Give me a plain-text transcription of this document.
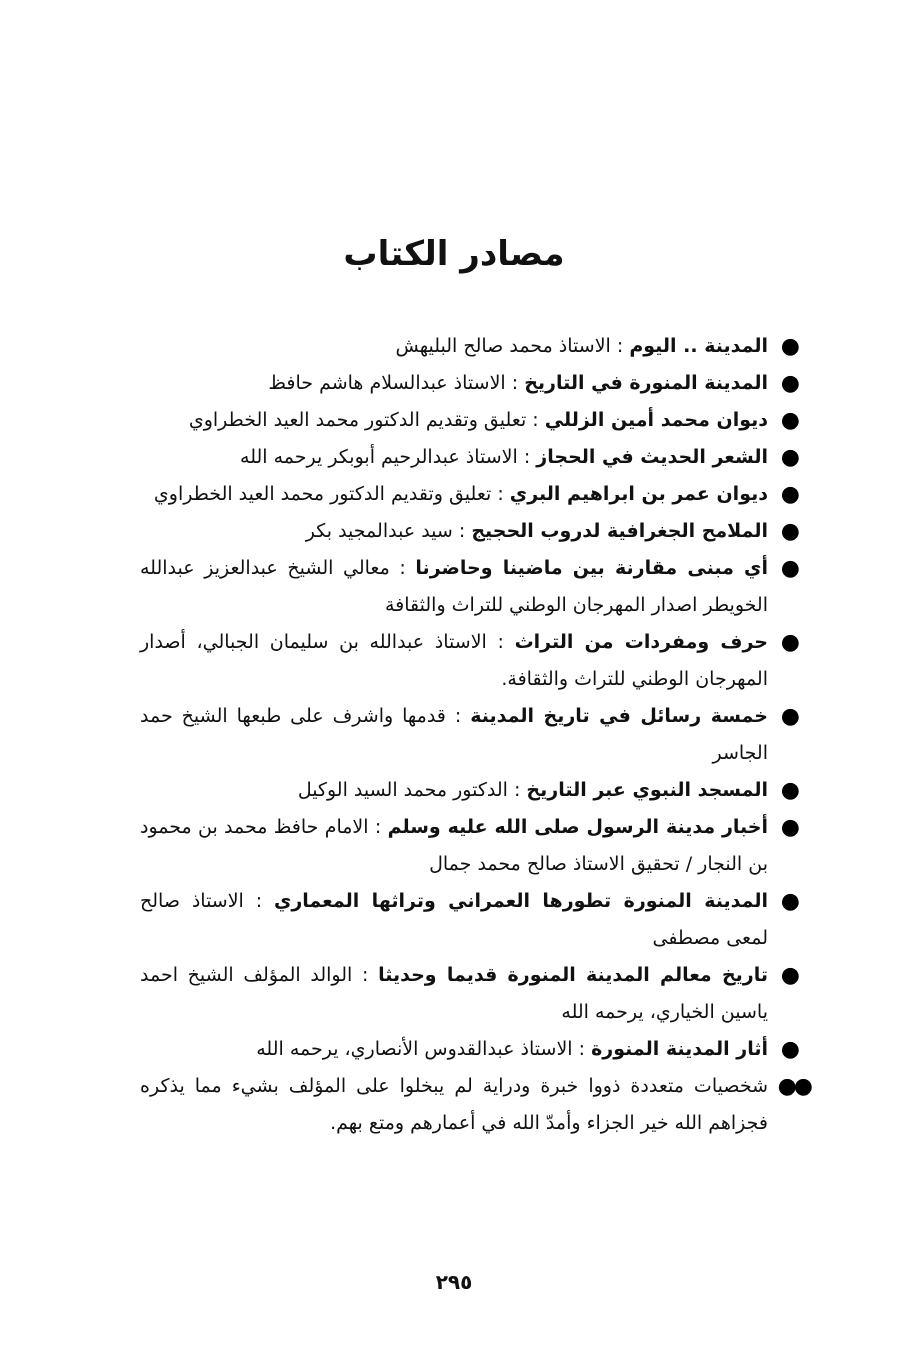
مصادر الكتاب
●
المدينة .. اليوم : الاستاذ محمد صالح البليهش
●
المدينة المنورة في التاريخ : الاستاذ عبدالسلام هاشم حافظ
●
ديوان محمد أمين الزللي : تعليق وتقديم الدكتور محمد العيد الخطراوي
●
الشعر الحديث في الحجاز : الاستاذ عبدالرحيم أبوبكر يرحمه الله
●
ديوان عمر بن ابراهيم البري : تعليق وتقديم الدكتور محمد العيد الخطراوي
●
الملامح الجغرافية لدروب الحجيج : سيد عبدالمجيد بكر
●
أي مبنى مقارنة بين ماضينا وحاضرنا : معالي الشيخ عبدالعزيز عبدالله الخويطر اصدار المهرجان الوطني للتراث والثقافة
●
حرف ومفردات من التراث : الاستاذ عبدالله بن سليمان الجبالي، أصدار المهرجان الوطني للتراث والثقافة.
●
خمسة رسائل في تاريخ المدينة : قدمها واشرف على طبعها الشيخ حمد الجاسر
●
المسجد النبوي عبر التاريخ : الدكتور محمد السيد الوكيل
●
أخبار مدينة الرسول صلى الله عليه وسلم : الامام حافظ محمد بن محمود بن النجار / تحقيق الاستاذ صالح محمد جمال
●
المدينة المنورة تطورها العمراني وتراثها المعماري : الاستاذ صالح لمعى مصطفى
●
تاريخ معالم المدينة المنورة قديما وحديثا : الوالد المؤلف الشيخ احمد ياسين الخياري، يرحمه الله
●
أثار المدينة المنورة : الاستاذ عبدالقدوس الأنصاري، يرحمه الله
●●
شخصيات متعددة ذووا خبرة ودراية لم يبخلوا على المؤلف بشيء مما يذكره فجزاهم الله خير الجزاء وأمدّ الله في أعمارهم ومتع بهم.
٢٩٥
